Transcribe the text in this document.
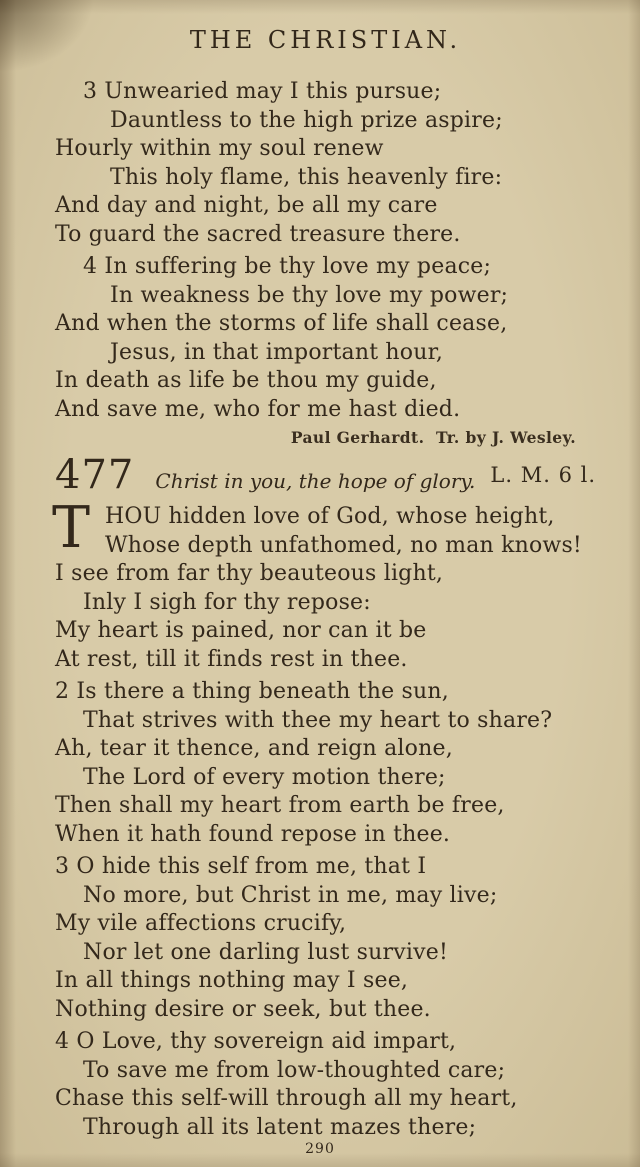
THE CHRISTIAN.
3 Unwearied may I this pursue;
Dauntless to the high prize aspire;
Hourly within my soul renew
This holy flame, this heavenly fire:
And day and night, be all my care
To guard the sacred treasure there.
4 In suffering be thy love my peace;
In weakness be thy love my power;
And when the storms of life shall cease,
Jesus, in that important hour,
In death as life be thou my guide,
And save me, who for me hast died.
Paul Gerhardt.  Tr. by J. Wesley.
477	Christ in you, the hope of glory. L. M. 6 l.
T HOU hidden love of God, whose height,
Whose depth unfathomed, no man knows!
I see from far thy beauteous light,
Inly I sigh for thy repose:
My heart is pained, nor can it be
At rest, till it finds rest in thee.
2 Is there a thing beneath the sun,
That strives with thee my heart to share?
Ah, tear it thence, and reign alone,
The Lord of every motion there;
Then shall my heart from earth be free,
When it hath found repose in thee.
3 O hide this self from me, that I
No more, but Christ in me, may live;
My vile affections crucify,
Nor let one darling lust survive!
In all things nothing may I see,
Nothing desire or seek, but thee.
4 O Love, thy sovereign aid impart,
To save me from low-thoughted care;
Chase this self-will through all my heart,
Through all its latent mazes there;
290
